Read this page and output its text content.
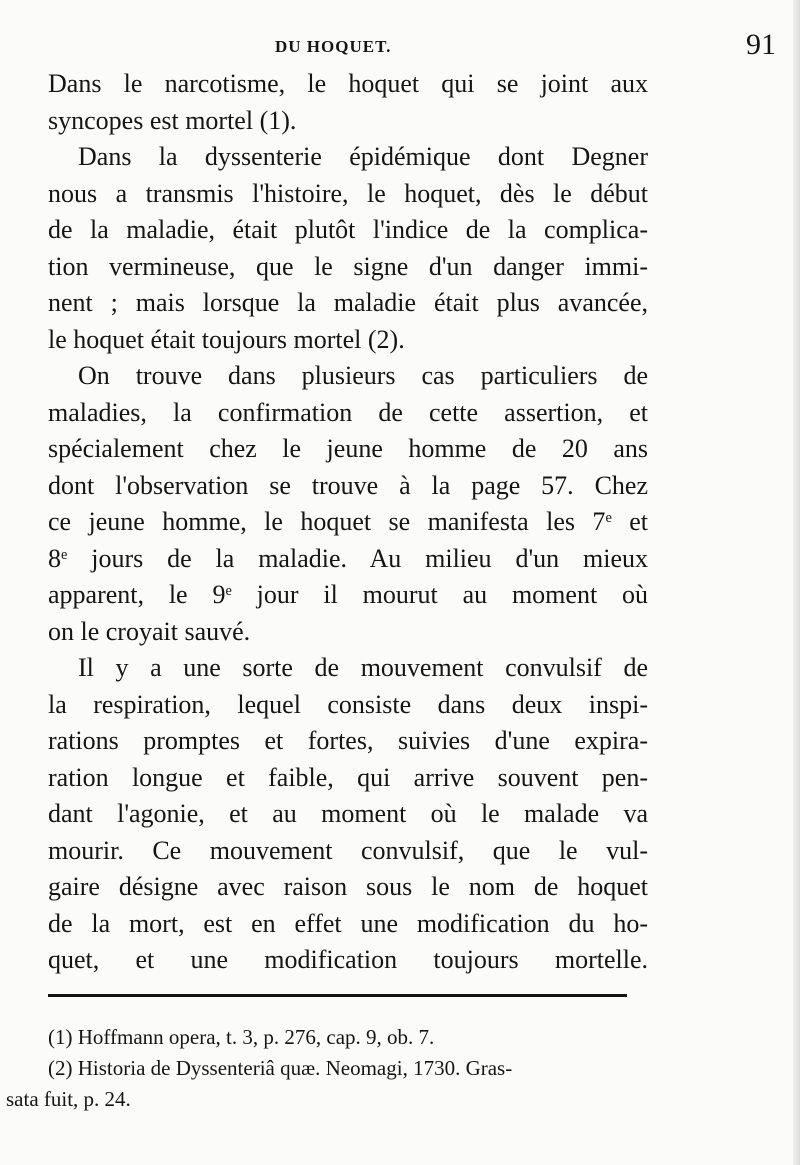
DU HOQUET.	91
Dans le narcotisme, le hoquet qui se joint aux
syncopes est mortel (1).
Dans la dyssenterie épidémique dont Degner
nous a transmis l'histoire, le hoquet, dès le début
de la maladie, était plutôt l'indice de la complica-
tion vermineuse, que le signe d'un danger immi-
nent ; mais lorsque la maladie était plus avancée,
le hoquet était toujours mortel (2).
On trouve dans plusieurs cas particuliers de
maladies, la confirmation de cette assertion, et
spécialement chez le jeune homme de 20 ans
dont l'observation se trouve à la page 57. Chez
ce jeune homme, le hoquet se manifesta les 7e et
8e jours de la maladie. Au milieu d'un mieux
apparent, le 9e jour il mourut au moment où
on le croyait sauvé.
Il y a une sorte de mouvement convulsif de
la respiration, lequel consiste dans deux inspi-
rations promptes et fortes, suivies d'une expira-
ration longue et faible, qui arrive souvent pen-
dant l'agonie, et au moment où le malade va
mourir. Ce mouvement convulsif, que le vul-
gaire désigne avec raison sous le nom de hoquet
de la mort, est en effet une modification du ho-
quet, et une modification toujours mortelle.
(1) Hoffmann opera, t. 3, p. 276, cap. 9, ob. 7.
(2) Historia de Dyssenteriâ quæ. Neomagi, 1730. Gras-
sata fuit, p. 24.
